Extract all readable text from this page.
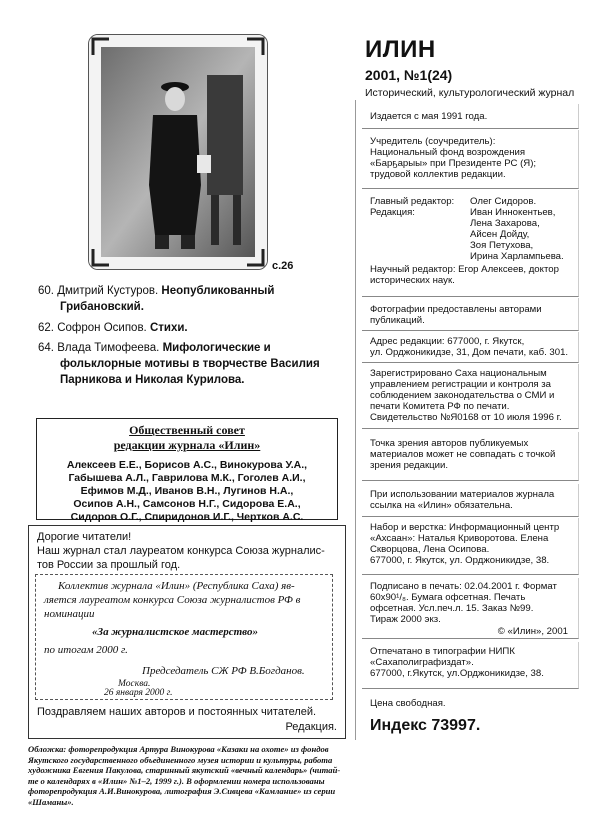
с.26
60. Дмитрий Кустуров. Неопубликованный
Грибановский.
62. Софрон Осипов. Стихи.
64. Влада Тимофеева. Мифологические и
фольклорные мотивы в творчестве Василия
Парникова и Николая Курилова.
Общественный совет
редакции журнала «Илин»
Алексеев Е.Е., Борисов А.С., Винокурова У.А.,
Габышева А.Л., Гаврилова М.К., Гоголев А.И.,
Ефимов М.Д., Иванов В.Н., Лугинов Н.А.,
Осипов А.Н., Самсонов Н.Г., Сидорова Е.А.,
Сидоров О.Г., Спиридонов И.Г., Чертков А.С.
Дорогие читатели!
Наш журнал стал лауреатом конкурса Союза журналис-
тов России за прошлый год.
Коллектив журнала «Илин» (Республика Саха) яв-
ляется лауреатом конкурса Союза журналистов РФ в
номинации
«За журналистское мастерство»
по итогам 2000 г.
Председатель СЖ РФ В.Богданов.
Москва.
26 января 2000 г.
Поздравляем наших авторов и постоянных читателей.
Редакция.
Обложка: фоторепродукция Артура Винокурова «Казаки на охоте» из фондов
Якутского государственного объединенного музея истории и культуры, работа
художника Евгения Пакулова, старинный якутский «вечный календарь» (читай-
те о календарях в «Илин» №1–2, 1999 г.). В оформлении номера использованы
фоторепродукция А.И.Винокурова, литография Э.Сивцева «Камлание» из серии
«Шаманы».
ИЛИН
2001, №1(24)
Исторический, культурологический журнал
Издается с мая 1991 года.
Учредитель (соучредитель):
Национальный фонд возрождения
«Барҕарыы» при Президенте РС (Я);
трудовой коллектив редакции.
Главный редактор: Олег Сидоров.
Редакция:	Иван Иннокентьев,
Лена Захарова,
Айсен Дойду,
Зоя Петухова,
Ирина Харлампьева.
Научный редактор: Егор Алексеев, доктор
исторических наук.
Фотографии предоставлены авторами
публикаций.
Адрес редакции: 677000, г. Якутск,
ул. Орджоникидзе, 31, Дом печати, каб. 301.
Зарегистрировано Саха национальным
управлением регистрации и контроля за
соблюдением законодательства о СМИ и
печати Комитета РФ по печати.
Свидетельство №Я0168 от 10 июля 1996 г.
Точка зрения авторов публикуемых
материалов может не совпадать с точкой
зрения редакции.
При использовании материалов журнала
ссылка на «Илин» обязательна.
Набор и верстка: Информационный центр
«Ахсаан»: Наталья Криворотова. Елена
Скворцова, Лена Осипова.
677000, г. Якутск, ул. Орджоникидзе, 38.
Подписано в печать: 02.04.2001 г. Формат
60х90¹/₈. Бумага офсетная. Печать
офсетная. Усл.печ.л. 15. Заказ №99.
Тираж 2000 экз.
© «Илин», 2001
Отпечатано в типографии НИПК
«Сахаполиграфиздат».
677000, г.Якутск, ул.Орджоникидзе, 38.
Цена свободная.
Индекс 73997.
